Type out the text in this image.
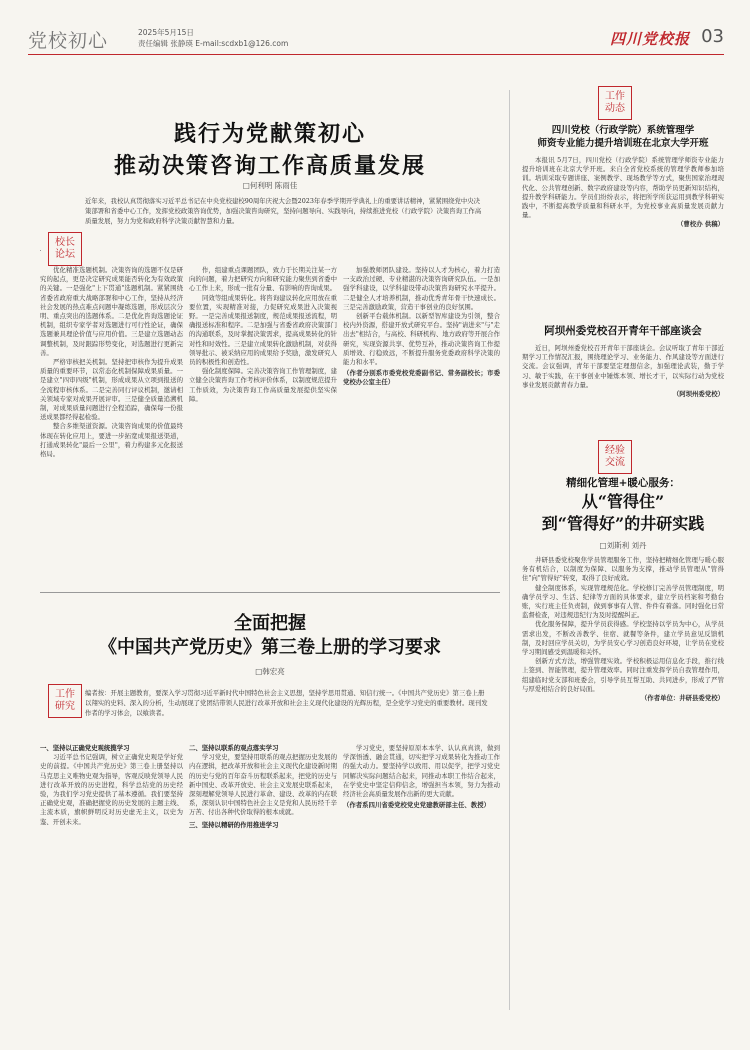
党校初心	2025年5月15日
责任编辑 张静瑛 E-mail:scdxb1@126.com	四川党校报 03
践行为党献策初心
推动决策咨询工作高质量发展
□何利明 陈雨佳
校长
论坛
近年来，我校认真贯彻落实习近平总书记在中央党校建校90周年庆祝大会暨2023年春季学期开学典礼上的重要讲话精神，紧紧围绕党中央决策部署和省委中心工作，发挥党校政策咨询优势，加强决策咨询研究，坚持问题导向、实践导向，持续推进党校（行政学院）决策咨询工作高质量发展，努力为党和政府科学决策贡献智慧和力量。

优化精准选题机制。决策咨询的选题不仅是研究的起点，更是决定研究成果能否转化为有效政策的关键。一是强化"上下贯通"选题机制。紧紧围绕省委省政府重大战略部署和中心工作，坚持从经济社会发展的热点难点问题中凝练选题，形成层次分明、重点突出的选题体系。二是优化咨询选题论证机制，组织专家学者对选题进行可行性论证，确保选题兼具理论价值与应用价值。三是建立选题动态调整机制，及时跟踪形势变化，对选题进行更新完善。

严格审核把关机制。坚持把审核作为提升成果质量的重要环节，以常态化机制保障成果质量。一是建立"四审四级"机制，形成成果从立项到报送的全流程审核体系。二是完善同行评议机制，邀请相关领域专家对成果开展评审。三是健全质量追溯机制，对成果质量问题进行全程追踪，确保每一份报送成果都经得起检验。

整合多维渠道资源。决策咨询成果的价值最终体现在转化应用上，要进一步拓宽成果报送渠道，打通成果转化"最后一公里"，着力构建多元化报送格局。

作，组建重点课题团队，致力于长期关注某一方向的问题，着力把研究方向和研究能力聚焦到省委中心工作上来，形成一批有分量、有影响的咨询成果。

同效等组成果转化。将咨询建议转化应用放在重要位置，实现精准对接，力促研究成果进入决策视野。一是完善成果报送制度，规范成果报送流程，明确报送标准和程序。二是加强与省委省政府决策部门的沟通联系，及时掌握决策需求，提高成果转化的针对性和时效性。三是建立成果转化激励机制，对获得领导批示、被采纳应用的成果给予奖励，激发研究人员的积极性和创造性。

强化制度保障。完善决策咨询工作管理制度，建立健全决策咨询工作考核评价体系，以制度规范提升工作质效，为决策咨询工作高质量发展提供坚实保障。

加强教师团队建设。坚持以人才为核心，着力打造一支政治过硬、专业精湛的决策咨询研究队伍。一是加强学科建设，以学科建设带动决策咨询研究水平提升。二是健全人才培养机制，推动优秀青年骨干快速成长。三是完善激励政策，营造干事创业的良好氛围。

创新平台载体机制。以新型智库建设为引领，整合校内外资源，搭建开放式研究平台。坚持"请进来"与"走出去"相结合，与高校、科研机构、地方政府等开展合作研究，实现资源共享、优势互补，推动决策咨询工作提质增效、行稳致远，不断提升服务党委政府科学决策的能力和水平。

（作者分别系市委党校党委副书记、常务副校长；市委党校办公室主任）

全面把握
《中国共产党历史》第三卷上册的学习要求
□韩宏亮
工作
研究
编者按：开展主题教育，要深入学习贯彻习近平新时代中国特色社会主义思想，坚持学思用贯通、知信行统一。《中国共产党历史》第三卷上册以翔实的史料、深入的分析，生动展现了党团结带领人民进行改革开放和社会主义现代化建设的光辉历程，是全党学习党史的重要教材。现刊发作者的学习体会，以飨读者。

一、坚持以正确党史观统揽学习

习近平总书记强调，树立正确党史观是学好党史的前提。《中国共产党历史》第三卷上册坚持以马克思主义唯物史观为指导，客观反映党领导人民进行改革开放的历史进程，科学总结党的历史经验，为我们学习党史提供了基本遵循。我们要坚持正确党史观，准确把握党的历史发展的主题主线、主流本质，旗帜鲜明反对历史虚无主义，以史为鉴、开创未来。

二、坚持以联系的观点落实学习

学习党史，要坚持用联系的观点把握历史发展的内在逻辑，把改革开放和社会主义现代化建设新时期的历史与党的百年奋斗历程联系起来，把党的历史与新中国史、改革开放史、社会主义发展史联系起来，深刻理解党领导人民进行革命、建设、改革的内在联系，深刻认识中国特色社会主义是党和人民历经千辛万苦、付出各种代价取得的根本成就。

三、坚持以精研的作用推进学习

学习党史，要坚持原原本本学、认认真真读，做到学深悟透、融会贯通，切实把学习成果转化为推动工作的强大动力。要坚持学以致用、用以促学，把学习党史同解决实际问题结合起来，同推动本职工作结合起来，在学党史中坚定信仰信念，增强担当本领，努力为推动经济社会高质量发展作出新的更大贡献。

（作者系四川省委党校党史党建教研部主任、教授）

工作
动态
四川党校（行政学院）系统管理学
师资专业能力提升培训班在北京大学开班

本报讯 5月7日，四川党校（行政学院）系统管理学师资专业能力提升培训班在北京大学开班。来自全省党校系统的管理学教师参加培训。培训采取专题讲座、案例教学、现场教学等方式，聚焦国家治理现代化、公共管理创新、数字政府建设等内容，帮助学员更新知识结构，提升教学科研能力。学员们纷纷表示，将把所学所获运用到教学科研实践中，不断提高教学质量和科研水平，为党校事业高质量发展贡献力量。

（曹校办 供稿）

阿坝州委党校召开青年干部座谈会

近日，阿坝州委党校召开青年干部座谈会。会议听取了青年干部近期学习工作情况汇报，围绕理论学习、业务能力、作风建设等方面进行交流。会议强调，青年干部要坚定理想信念，加强理论武装，勤于学习、敏于实践，在干事创业中锤炼本领、增长才干，以实际行动为党校事业发展贡献青春力量。

（阿坝州委党校）

经验
交流
精细化管理+暖心服务：
从“管得住”
到“管得好”的井研实践
□刘斯利 刘丹

井研县委党校聚焦学员管理服务工作，坚持把精细化管理与暖心服务有机结合，以制度为保障、以服务为支撑，推动学员管理从"管得住"向"管得好"转变，取得了良好成效。

健全制度体系，实现管理规范化。学校修订完善学员管理制度，明确学员学习、生活、纪律等方面的具体要求，建立学员档案和考勤台账，实行班主任负责制，做到事事有人管、件件有着落。同时强化日常监督检查，对违规违纪行为及时提醒纠正。

优化服务保障，提升学员获得感。学校坚持以学员为中心，从学员需求出发，不断改善教学、住宿、就餐等条件，建立学员意见反馈机制，及时回应学员关切，为学员安心学习创造良好环境，让学员在党校学习期间感受到温暖和关怀。

创新方式方法，增强管理实效。学校积极运用信息化手段，推行线上签到、智能管理，提升管理效率。同时注重发挥学员自我管理作用，组建临时党支部和班委会，引导学员互帮互助、共同进步，形成了严管与厚爱相结合的良好局面。

（作者单位：井研县委党校）
